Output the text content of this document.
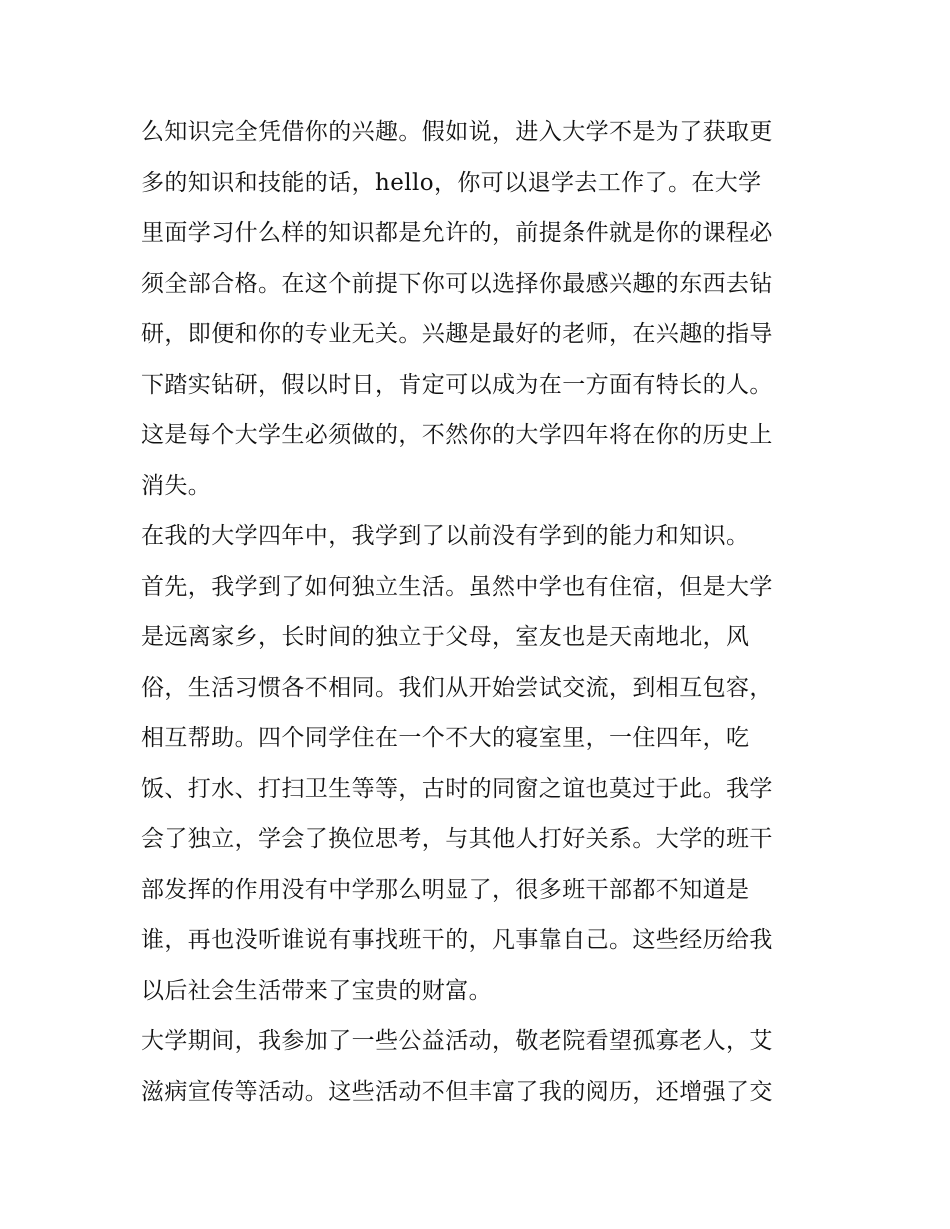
么知识完全凭借你的兴趣。假如说，进入大学不是为了获取更
多的知识和技能的话，hello，你可以退学去工作了。在大学
里面学习什么样的知识都是允许的，前提条件就是你的课程必
须全部合格。在这个前提下你可以选择你最感兴趣的东西去钻
研，即便和你的专业无关。兴趣是最好的老师，在兴趣的指导
下踏实钻研，假以时日，肯定可以成为在一方面有特长的人。
这是每个大学生必须做的，不然你的大学四年将在你的历史上
消失。
在我的大学四年中，我学到了以前没有学到的能力和知识。
首先，我学到了如何独立生活。虽然中学也有住宿，但是大学
是远离家乡，长时间的独立于父母，室友也是天南地北，风
俗，生活习惯各不相同。我们从开始尝试交流，到相互包容，
相互帮助。四个同学住在一个不大的寝室里，一住四年，吃
饭、打水、打扫卫生等等，古时的同窗之谊也莫过于此。我学
会了独立，学会了换位思考，与其他人打好关系。大学的班干
部发挥的作用没有中学那么明显了，很多班干部都不知道是
谁，再也没听谁说有事找班干的，凡事靠自己。这些经历给我
以后社会生活带来了宝贵的财富。
大学期间，我参加了一些公益活动，敬老院看望孤寡老人，艾
滋病宣传等活动。这些活动不但丰富了我的阅历，还增强了交
